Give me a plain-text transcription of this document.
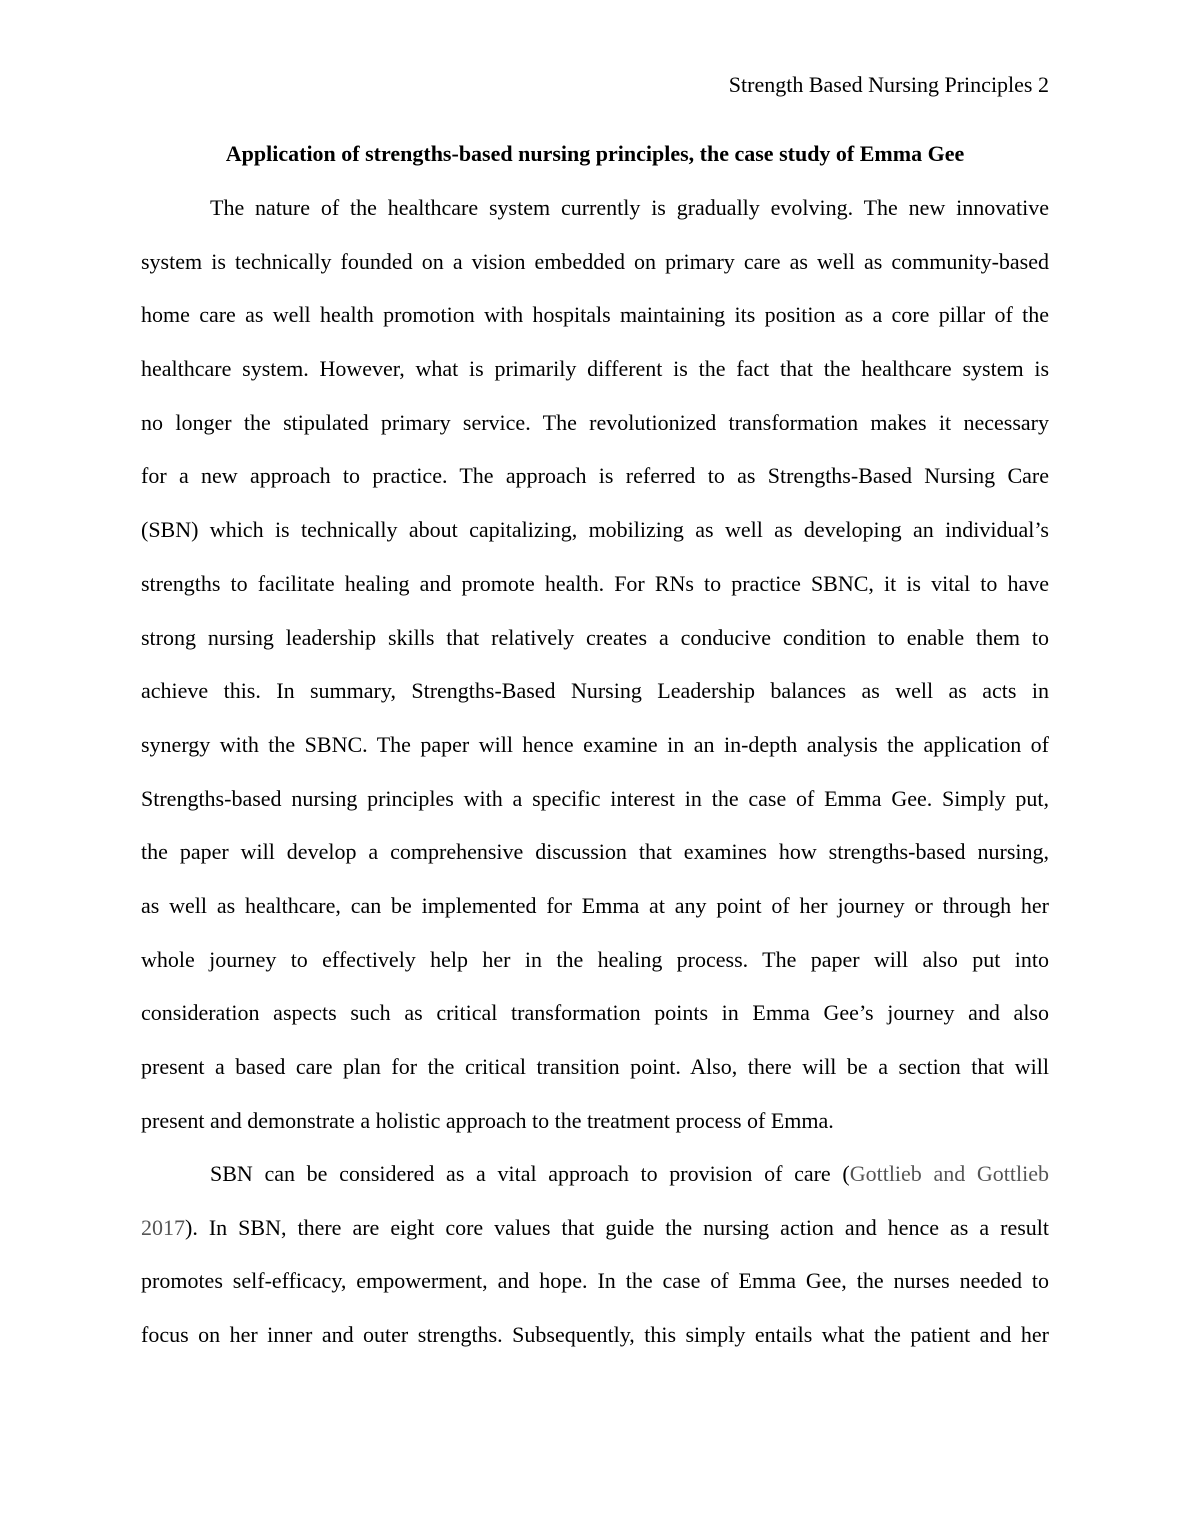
Strength Based Nursing Principles 2
Application of strengths-based nursing principles, the case study of Emma Gee
The nature of the healthcare system currently is gradually evolving. The new innovative
system is technically founded on a vision embedded on primary care as well as community-based
home care as well health promotion with hospitals maintaining its position as a core pillar of the
healthcare system. However, what is primarily different is the fact that the healthcare system is
no longer the stipulated primary service. The revolutionized transformation makes it necessary
for a new approach to practice. The approach is referred to as Strengths-Based Nursing Care
(SBN) which is technically about capitalizing, mobilizing as well as developing an individual’s
strengths to facilitate healing and promote health. For RNs to practice SBNC, it is vital to have
strong nursing leadership skills that relatively creates a conducive condition to enable them to
achieve this. In summary, Strengths-Based Nursing Leadership balances as well as acts in
synergy with the SBNC. The paper will hence examine in an in-depth analysis the application of
Strengths-based nursing principles with a specific interest in the case of Emma Gee. Simply put,
the paper will develop a comprehensive discussion that examines how strengths-based nursing,
as well as healthcare, can be implemented for Emma at any point of her journey or through her
whole journey to effectively help her in the healing process. The paper will also put into
consideration aspects such as critical transformation points in Emma Gee’s journey and also
present a based care plan for the critical transition point. Also, there will be a section that will
present and demonstrate a holistic approach to the treatment process of Emma.
SBN can be considered as a vital approach to provision of care (Gottlieb and Gottlieb
2017). In SBN, there are eight core values that guide the nursing action and hence as a result
promotes self-efficacy, empowerment, and hope. In the case of Emma Gee, the nurses needed to
focus on her inner and outer strengths. Subsequently, this simply entails what the patient and her
